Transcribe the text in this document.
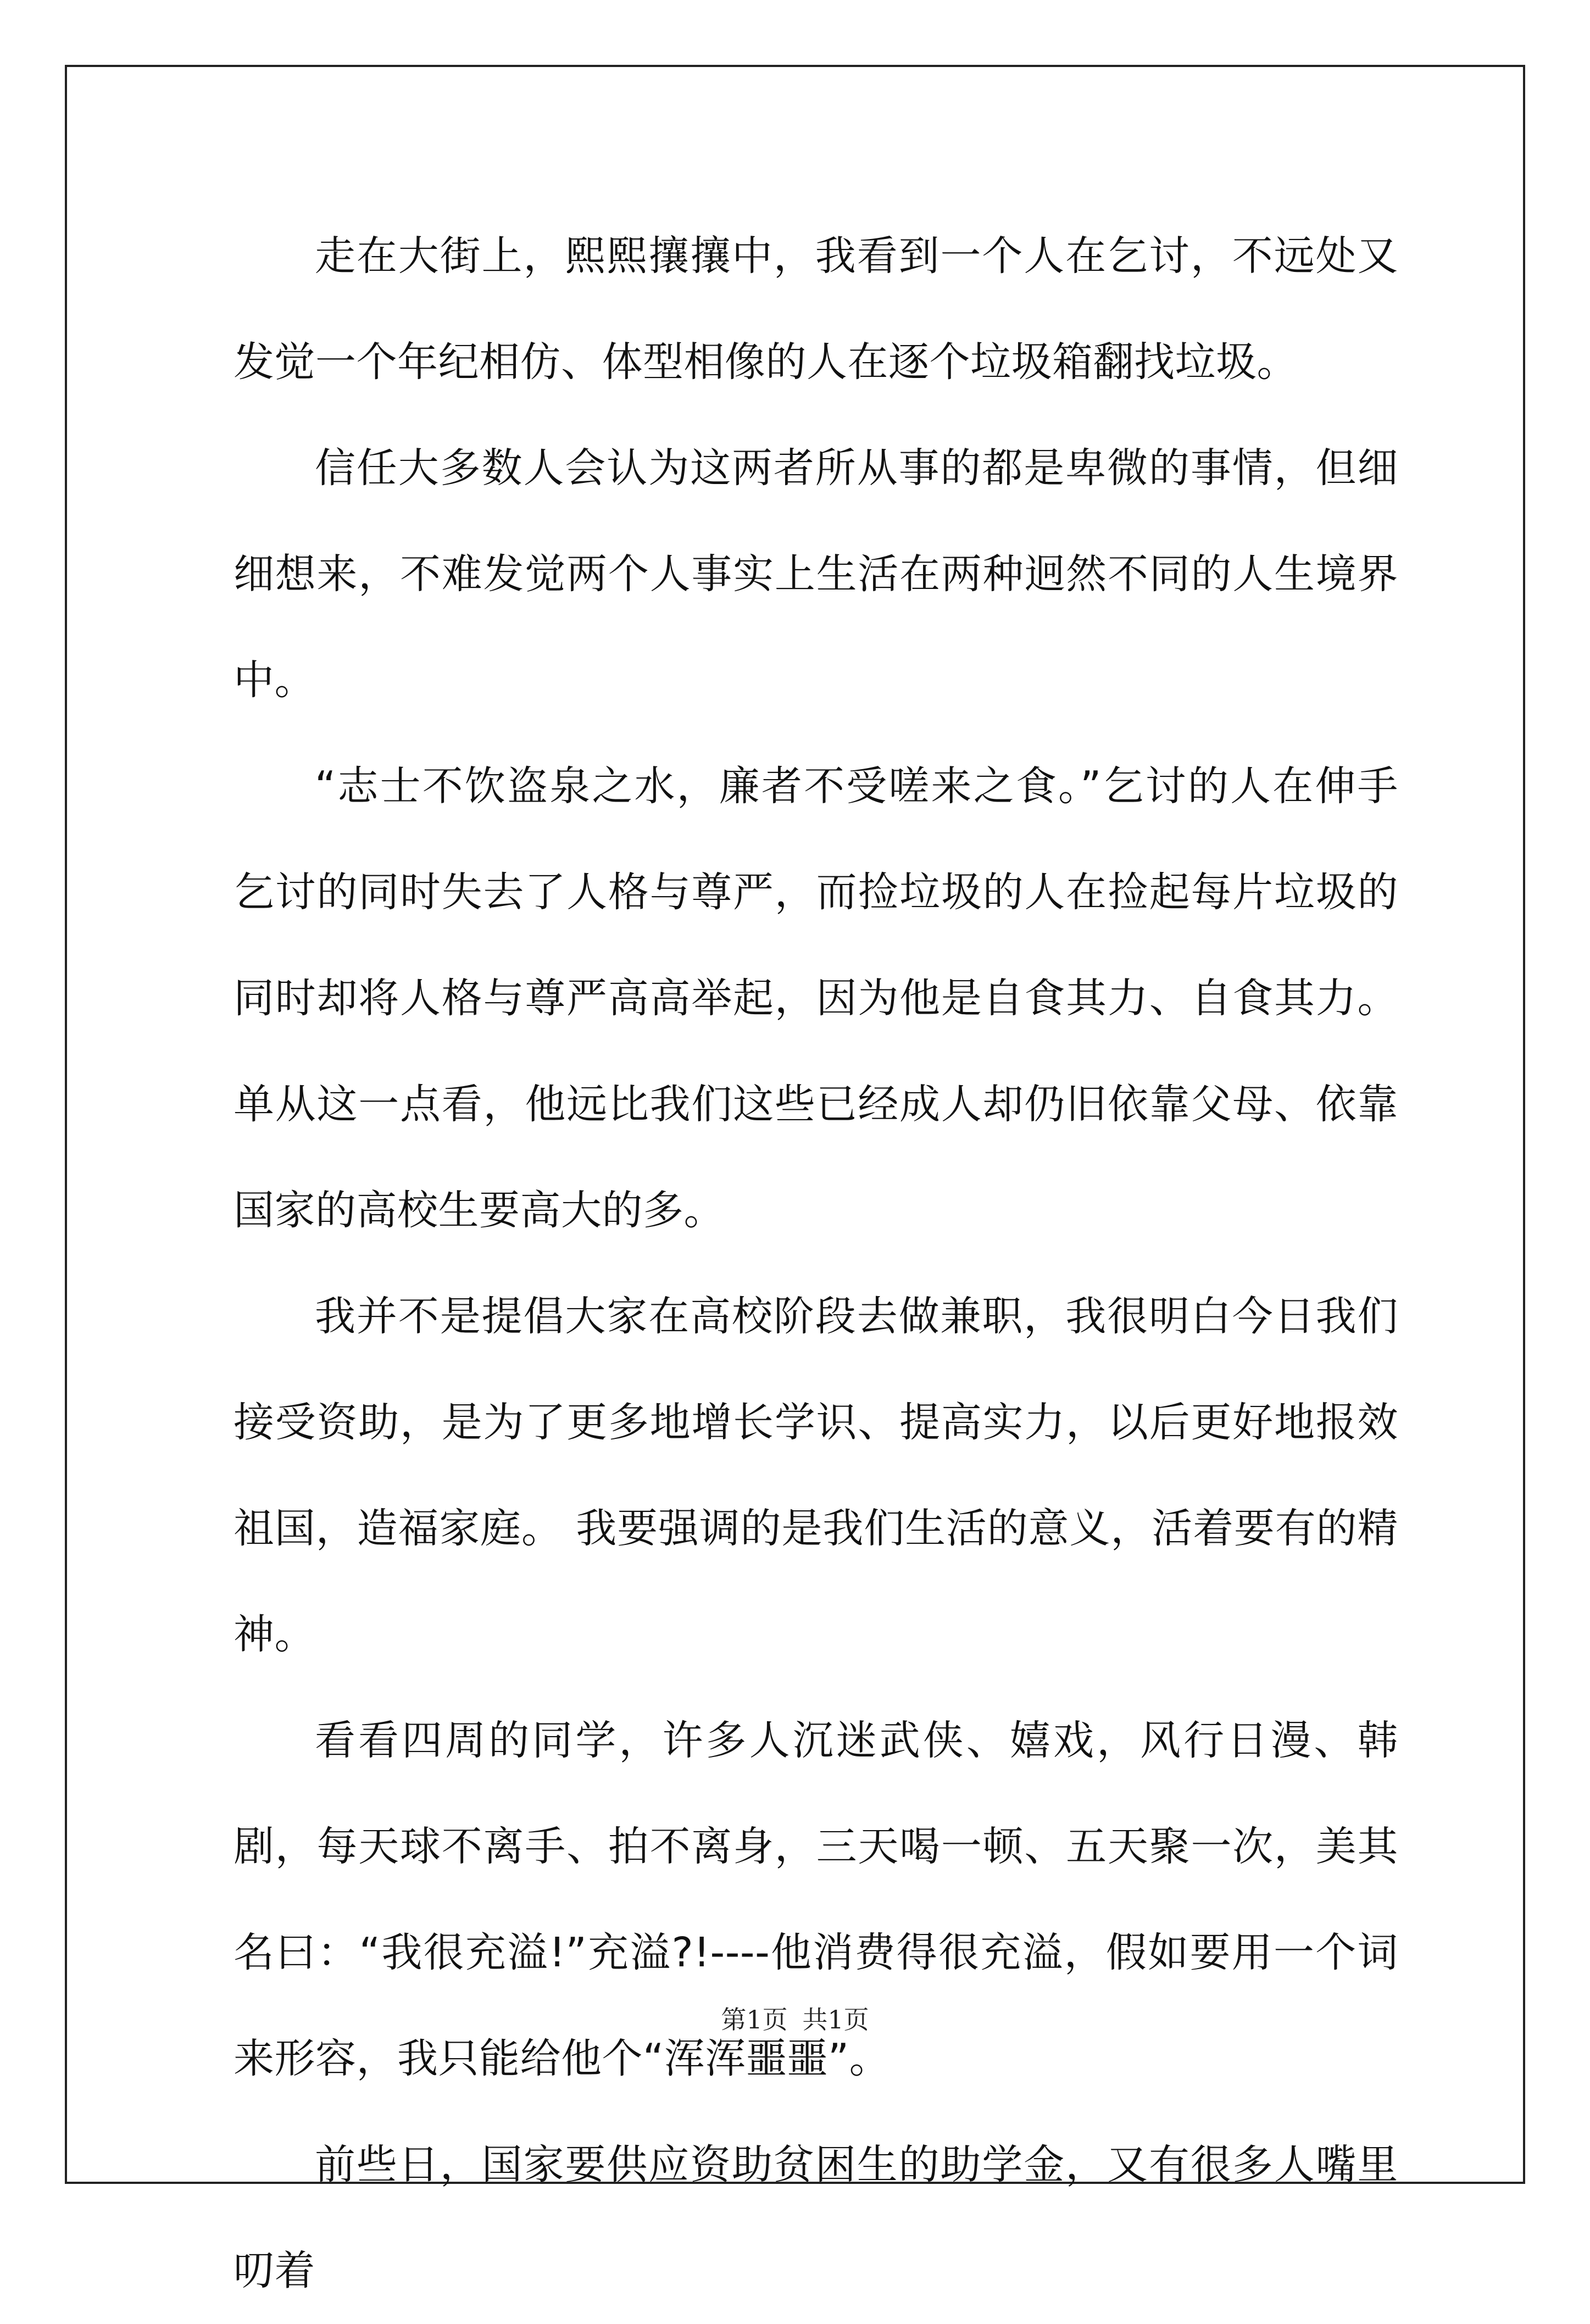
走在大街上，熙熙攘攘中，我看到一个人在乞讨，不远处又发觉一个年纪相仿、体型相像的人在逐个垃圾箱翻找垃圾。

信任大多数人会认为这两者所从事的都是卑微的事情，但细细想来，不难发觉两个人事实上生活在两种迥然不同的人生境界中。

“志士不饮盗泉之水，廉者不受嗟来之食。”乞讨的人在伸手乞讨的同时失去了人格与尊严，而捡垃圾的人在捡起每片垃圾的同时却将人格与尊严高高举起，因为他是自食其力、自食其力。单从这一点看，他远比我们这些已经成人却仍旧依靠父母、依靠国家的高校生要高大的多。

我并不是提倡大家在高校阶段去做兼职，我很明白今日我们接受资助，是为了更多地增长学识、提高实力，以后更好地报效祖国，造福家庭。 我要强调的是我们生活的意义，活着要有的精神。

看看四周的同学，许多人沉迷武侠、嬉戏，风行日漫、韩剧，每天球不离手、拍不离身，三天喝一顿、五天聚一次，美其名曰：“我很充溢!”充溢?!----他消费得很充溢，假如要用一个词来形容，我只能给他个“浑浑噩噩”。

前些日，国家要供应资助贫困生的助学金，又有很多人嘴里叨着

第1页 共1页
